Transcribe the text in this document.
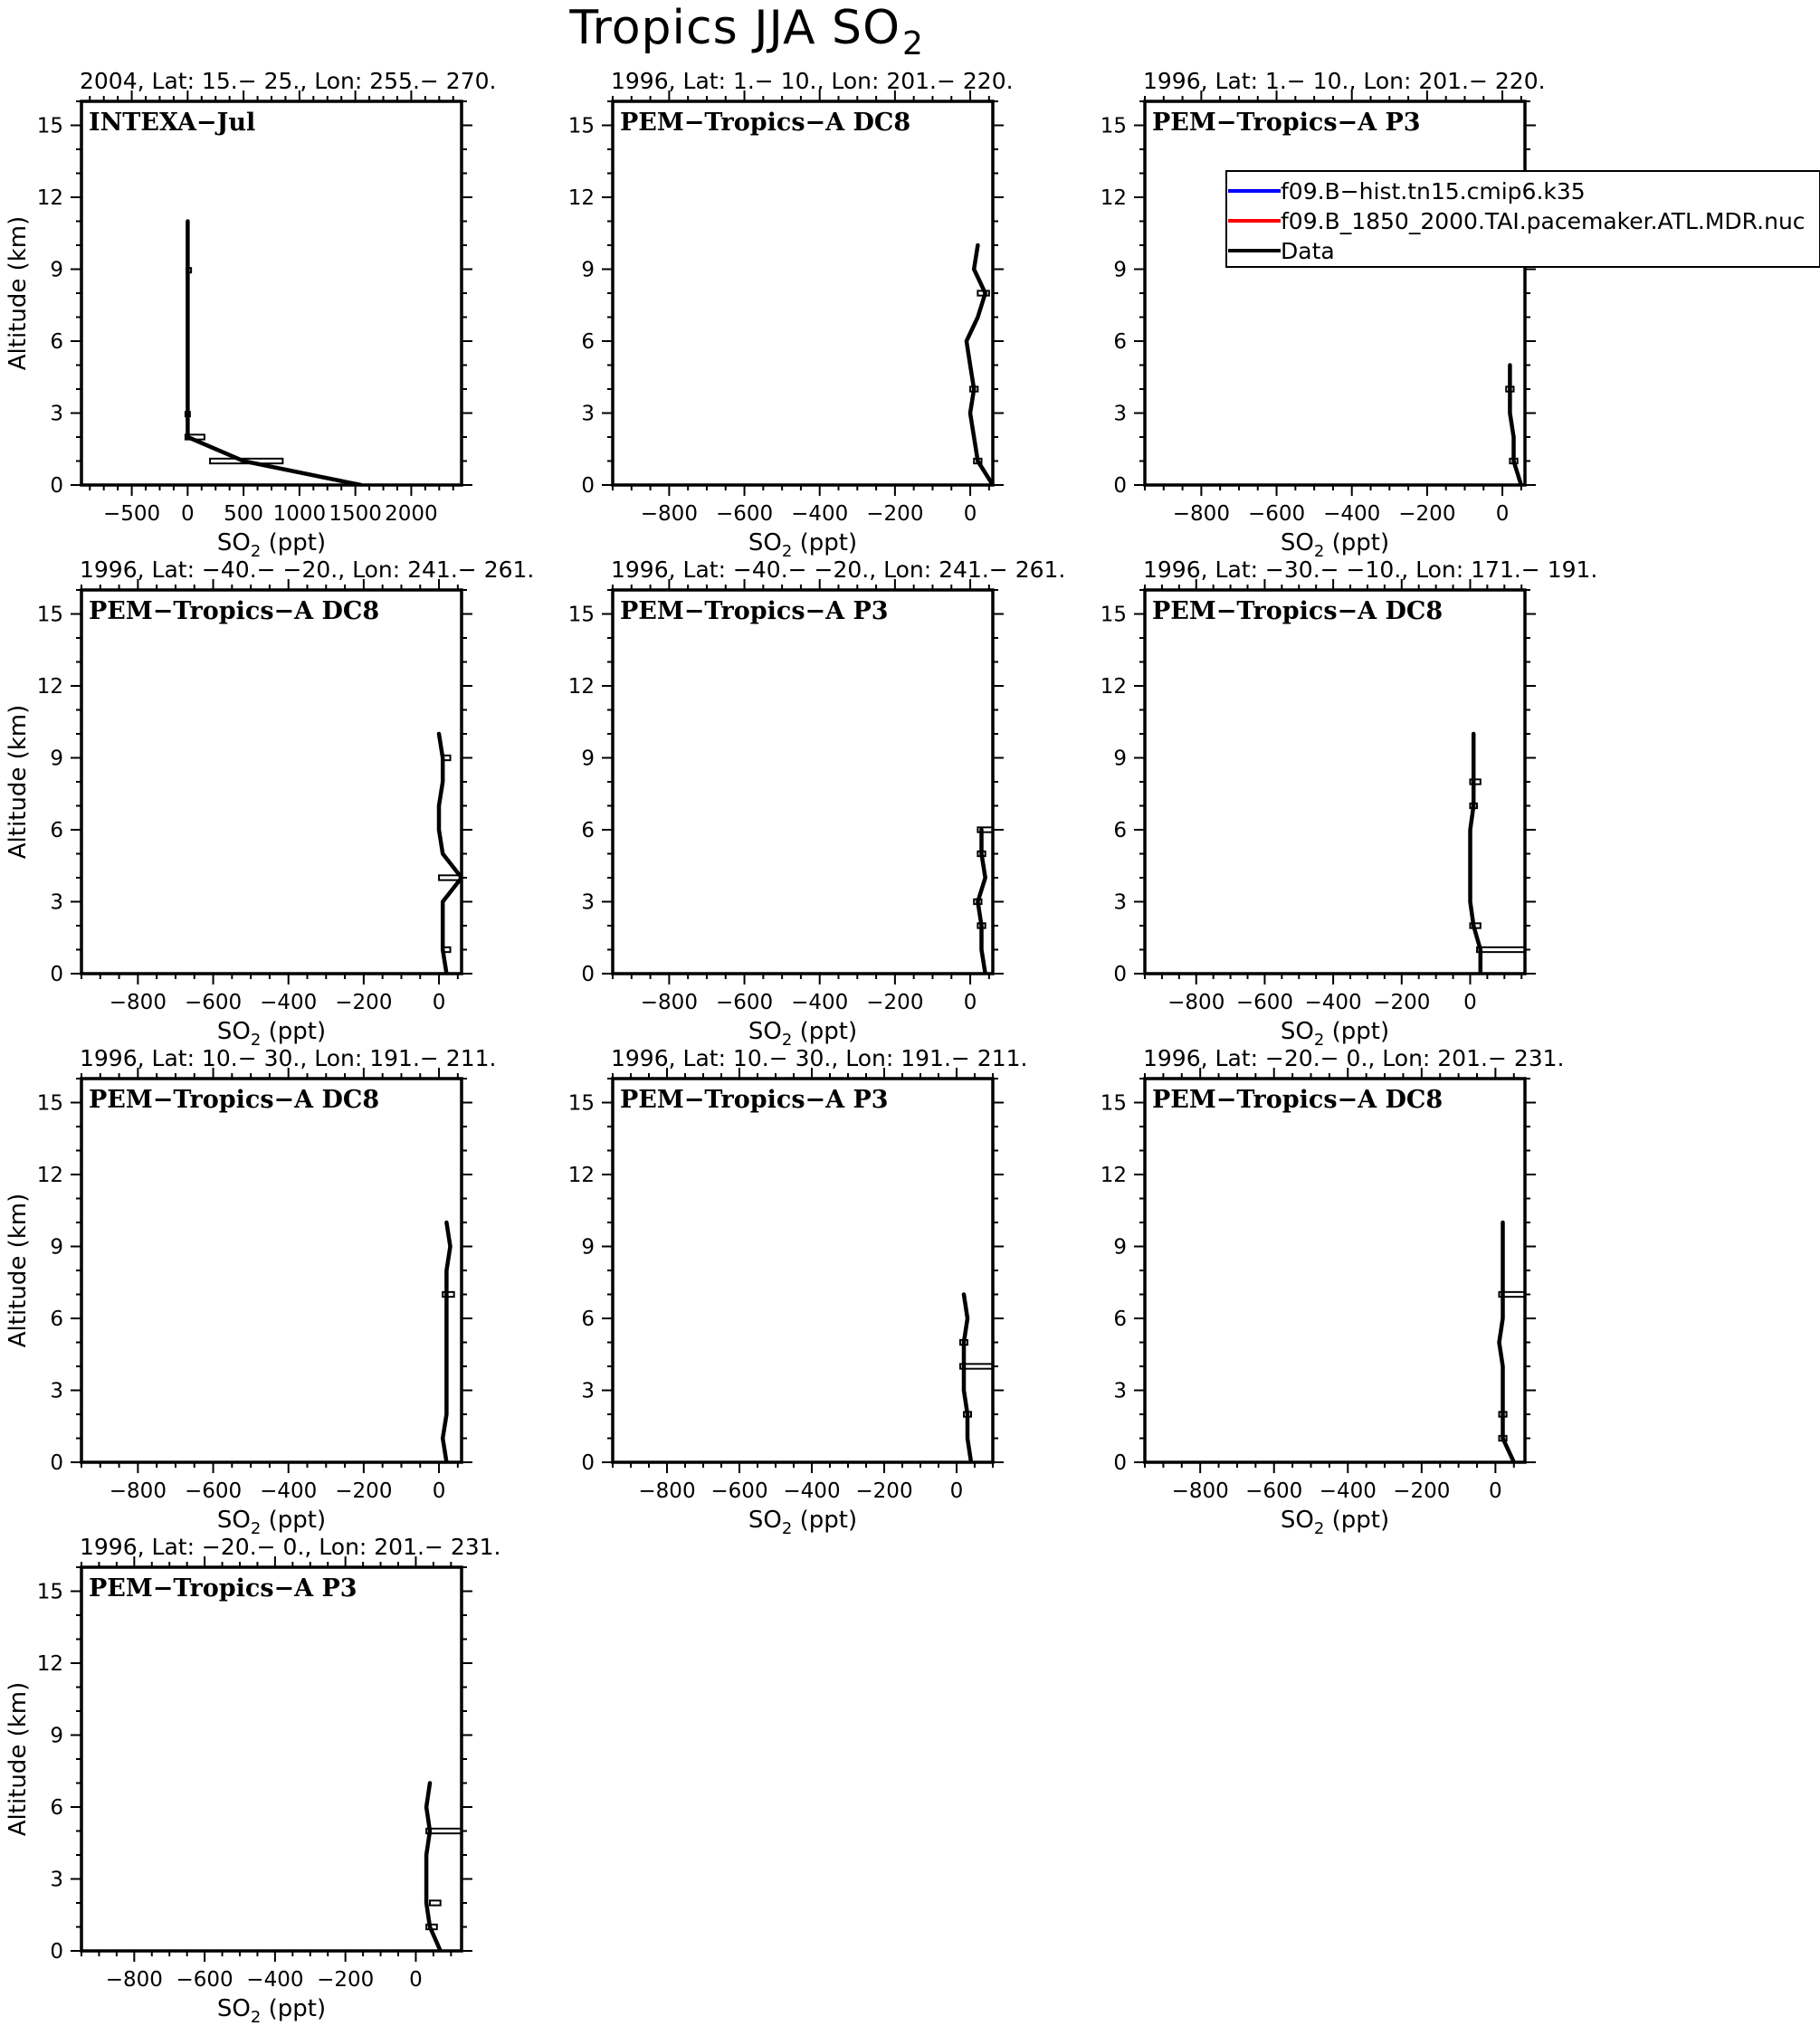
Tropics JJA SO 2
2004, Lat: 15.− 25., Lon: 255.− 270.
0
3
6
9
12
15
−500 0 500 1000 1500 2000
Altitude (km)
$SO_2$ (ppt)
INTEXA−Jul
1996, Lat: 1.− 10., Lon: 201.− 220.
0
3
6
9
12
15
−800 −600 −400 −200 0
$SO_2$ (ppt)
PEM−Tropics−A DC8
1996, Lat: 1.− 10., Lon: 201.− 220.
0
3
6
9
12
15
−800 −600 −400 −200 0
$SO_2$ (ppt)
PEM−Tropics−A P3
1996, Lat: −40.− −20., Lon: 241.− 261.
0
3
6
9
12
15
−800 −600 −400 −200 0
Altitude (km)
$SO_2$ (ppt)
PEM−Tropics−A DC8
1996, Lat: −40.− −20., Lon: 241.− 261.
0
3
6
9
12
15
−800 −600 −400 −200 0
$SO_2$ (ppt)
PEM−Tropics−A P3
1996, Lat: −30.− −10., Lon: 171.− 191.
0
3
6
9
12
15
−800 −600 −400 −200 0
$SO_2$ (ppt)
PEM−Tropics−A DC8
1996, Lat: 10.− 30., Lon: 191.− 211.
0
3
6
9
12
15
−800 −600 −400 −200 0
Altitude (km)
$SO_2$ (ppt)
PEM−Tropics−A DC8
1996, Lat: 10.− 30., Lon: 191.− 211.
0
3
6
9
12
15
−800 −600 −400 −200 0
$SO_2$ (ppt)
PEM−Tropics−A P3
1996, Lat: −20.− 0., Lon: 201.− 231.
0
3
6
9
12
15
−800 −600 −400 −200 0
$SO_2$ (ppt)
PEM−Tropics−A DC8
1996, Lat: −20.− 0., Lon: 201.− 231.
0
3
6
9
12
15
−800 −600 −400 −200 0
Altitude (km)
$SO_2$ (ppt)
PEM−Tropics−A P3
f09.B−hist.tn15.cmip6.k35
f09.B_1850_2000.TAI.pacemaker.ATL.MDR.nuc
Data
